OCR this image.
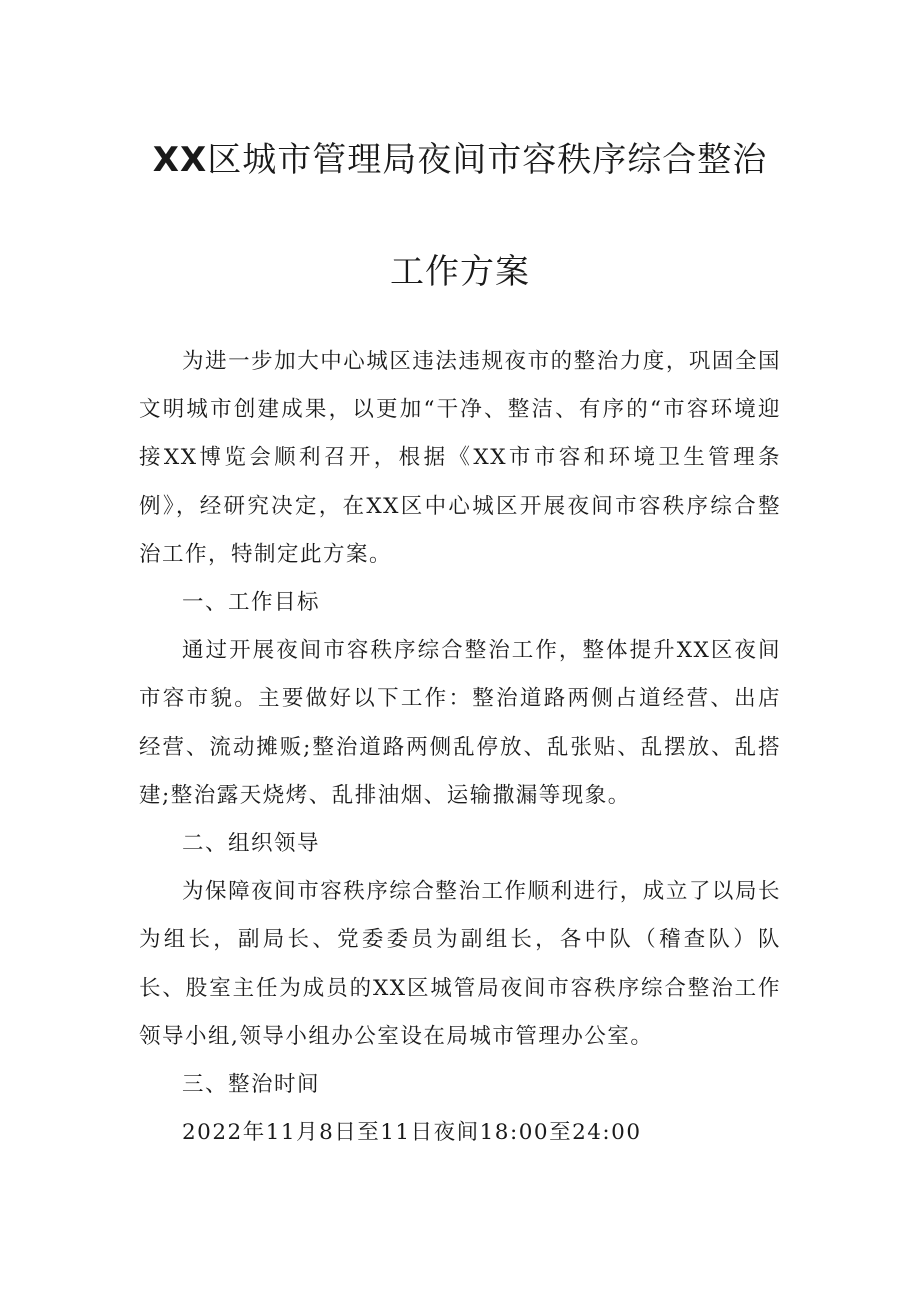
XX区城市管理局夜间市容秩序综合整治
工作方案

为进一步加大中心城区违法违规夜市的整治力度，巩固全国文明城市创建成果，以更加“干净、整洁、有序的“市容环境迎接XX博览会顺利召开，根据《XX市市容和环境卫生管理条例》，经研究决定，在XX区中心城区开展夜间市容秩序综合整治工作，特制定此方案。

一、工作目标

通过开展夜间市容秩序综合整治工作，整体提升XX区夜间市容市貌。主要做好以下工作：整治道路两侧占道经营、出店经营、流动摊贩;整治道路两侧乱停放、乱张贴、乱摆放、乱搭建;整治露天烧烤、乱排油烟、运输撒漏等现象。

二、组织领导

为保障夜间市容秩序综合整治工作顺利进行，成立了以局长为组长，副局长、党委委员为副组长，各中队（稽查队）队长、股室主任为成员的XX区城管局夜间市容秩序综合整治工作领导小组,领导小组办公室设在局城市管理办公室。

三、整治时间

2022年11月8日至11日夜间18:00至24:00
